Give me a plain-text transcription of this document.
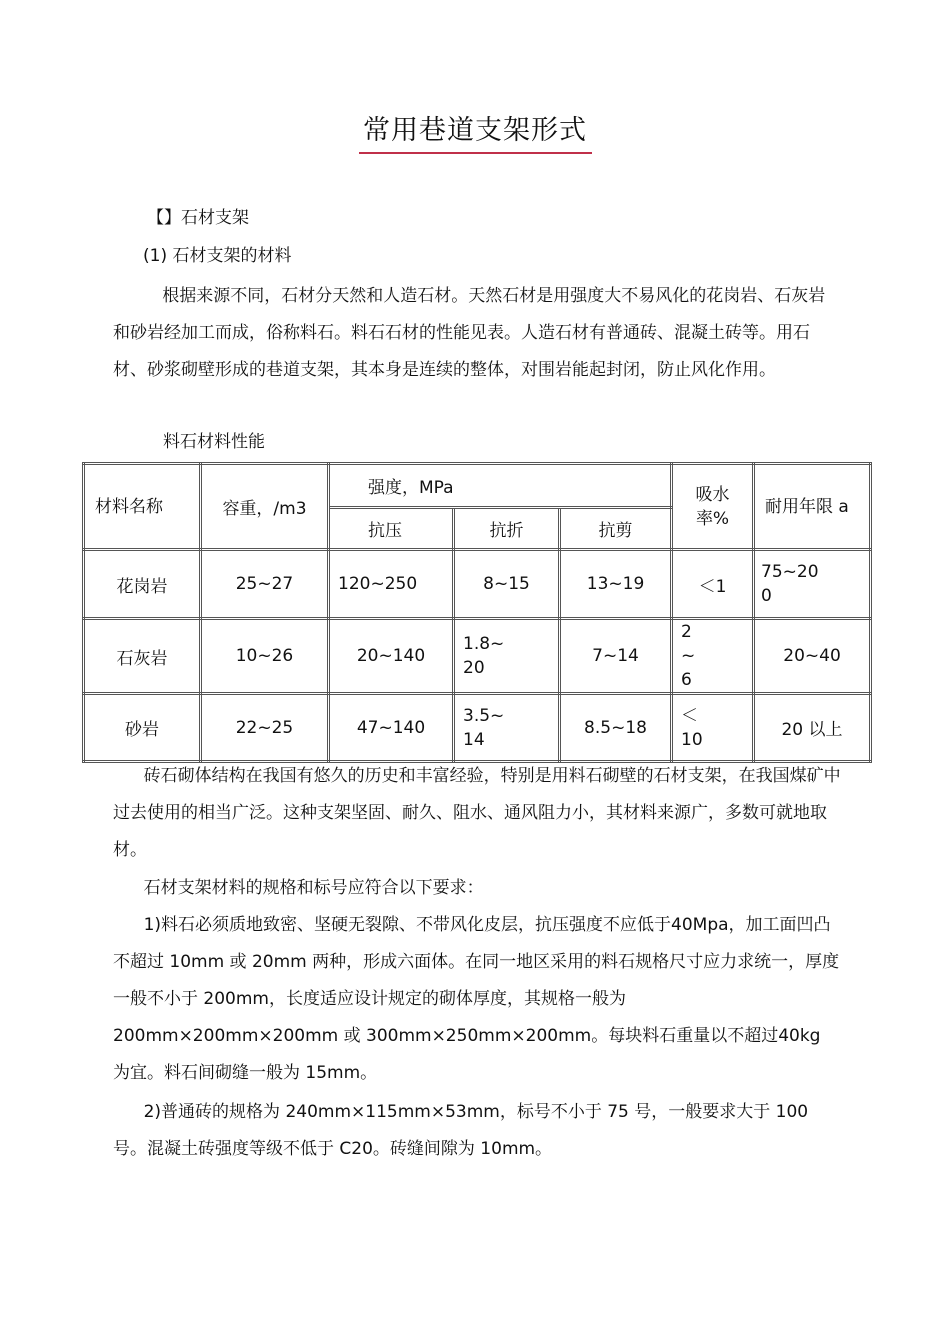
常用巷道支架形式
【】石材支架
(1) 石材支架的材料

根据来源不同，石材分天然和人造石材。天然石材是用强度大不易风化的花岗岩、石灰岩和砂岩经加工而成，俗称料石。料石石材的性能见表。人造石材有普通砖、混凝土砖等。用石材、砂浆砌壁形成的巷道支架，其本身是连续的整体，对围岩能起封闭，防止风化作用。

料石材料性能
材料名称	容重，/m3	强度，MPa			吸水率%	耐用年限 a
		抗压	抗折	抗剪		
花岗岩	25~27	120~250	8~15	13~19	＜1	75~200
石灰岩	10~26	20~140	1.8~20	7~14	2~6	20~40
砂岩	22~25	47~140	3.5~14	8.5~18	＜10	20 以上

砖石砌体结构在我国有悠久的历史和丰富经验，特别是用料石砌壁的石材支架，在我国煤矿中过去使用的相当广泛。这种支架坚固、耐久、阻水、通风阻力小，其材料来源广，多数可就地取材。

石材支架材料的规格和标号应符合以下要求：

1)料石必须质地致密、坚硬无裂隙、不带风化皮层，抗压强度不应低于40Mpa，加工面凹凸不超过 10mm 或 20mm 两种，形成六面体。在同一地区采用的料石规格尺寸应力求统一，厚度一般不小于 200mm，长度适应设计规定的砌体厚度，其规格一般为200mm×200mm×200mm 或 300mm×250mm×200mm。每块料石重量以不超过40kg 为宜。料石间砌缝一般为 15mm。

2)普通砖的规格为 240mm×115mm×53mm，标号不小于 75 号，一般要求大于 100号。混凝土砖强度等级不低于 C20。砖缝间隙为 10mm。
